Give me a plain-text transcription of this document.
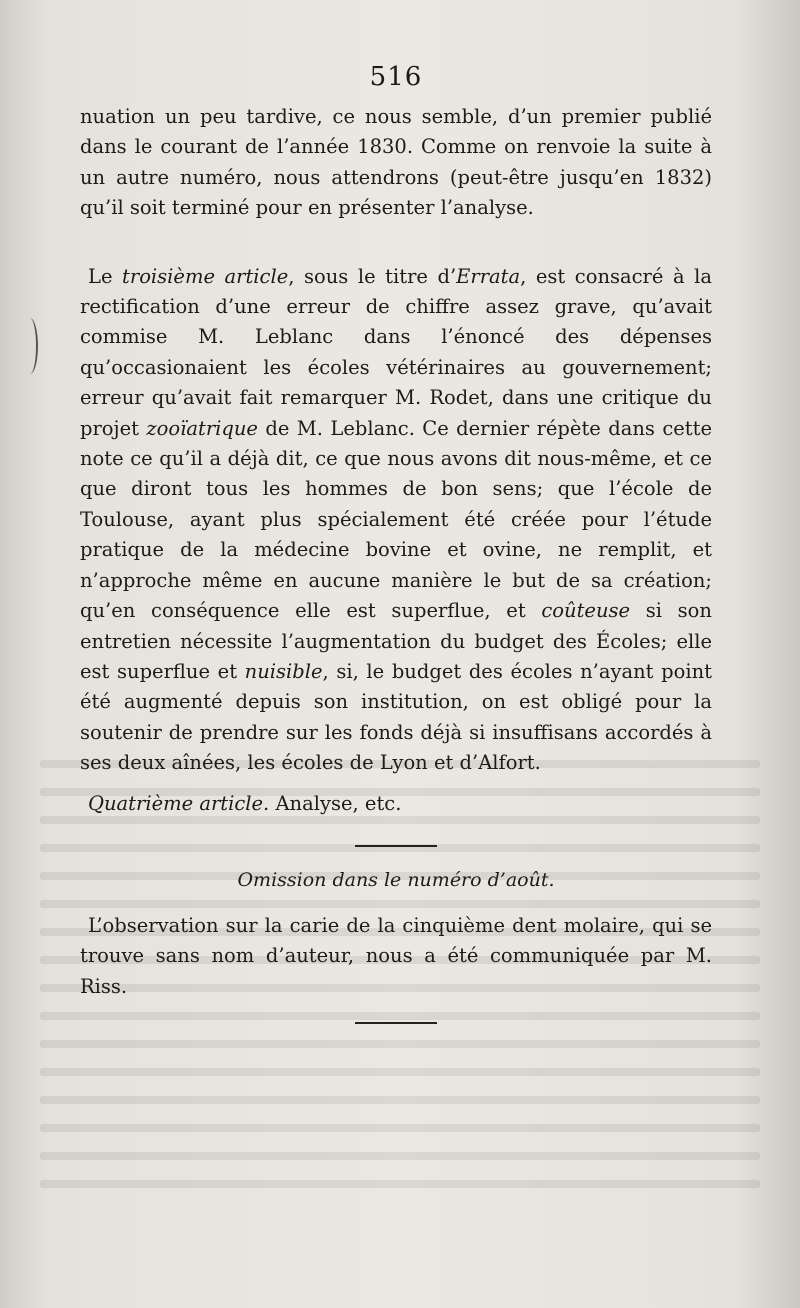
516

nuation un peu tardive, ce nous semble, d’un premier publié dans le courant de l’année 1830. Comme on renvoie la suite à un autre numéro, nous attendrons (peut-être jusqu’en 1832) qu’il soit terminé pour en présenter l’analyse.

Le troisième article, sous le titre d’Errata, est consacré à la rectification d’une erreur de chiffre assez grave, qu’avait commise M. Leblanc dans l’énoncé des dépenses qu’occasionaient les écoles vétérinaires au gouvernement; erreur qu’avait fait remarquer M. Rodet, dans une critique du projet zooïatrique de M. Leblanc. Ce dernier répète dans cette note ce qu’il a déjà dit, ce que nous avons dit nous-même, et ce que diront tous les hommes de bon sens; que l’école de Toulouse, ayant plus spécialement été créée pour l’étude pratique de la médecine bovine et ovine, ne remplit, et n’approche même en aucune manière le but de sa création; qu’en conséquence elle est superflue, et coûteuse si son entretien nécessite l’augmentation du budget des Écoles; elle est superflue et nuisible, si, le budget des écoles n’ayant point été augmenté depuis son institution, on est obligé pour la soutenir de prendre sur les fonds déjà si insuffisans accordés à ses deux aînées, les écoles de Lyon et d’Alfort.

Quatrième article. Analyse, etc.

Omission dans le numéro d’août.

L’observation sur la carie de la cinquième dent molaire, qui se trouve sans nom d’auteur, nous a été communiquée par M. Riss.
